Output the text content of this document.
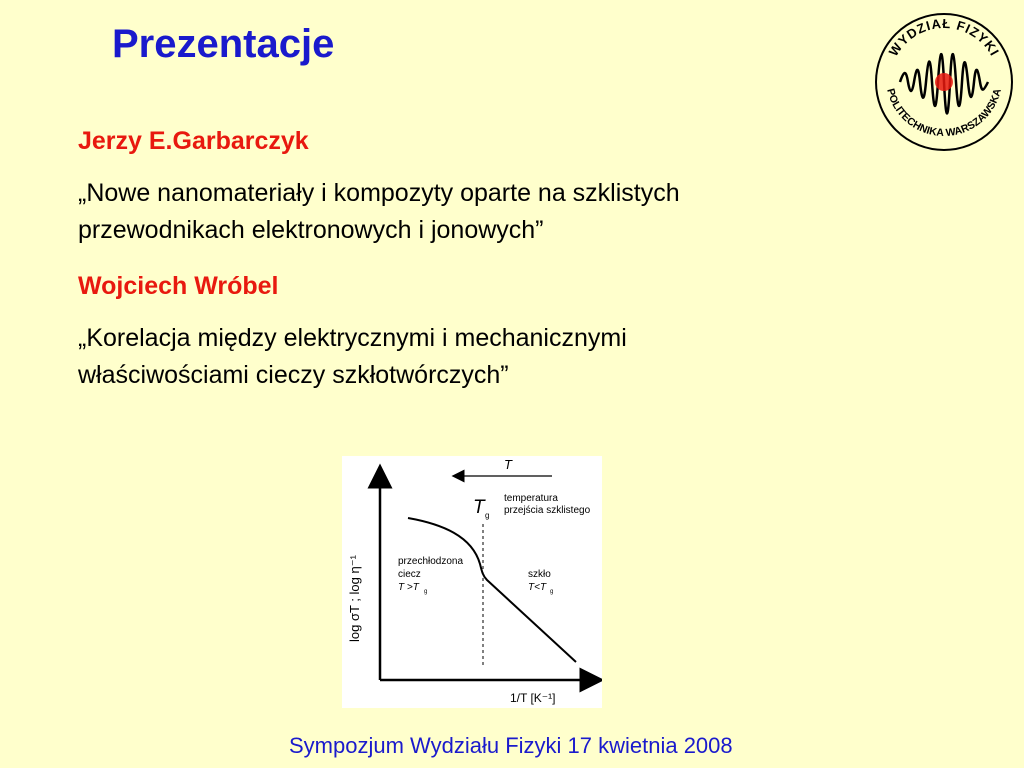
Prezentacje	WYDZIAŁ FIZYKI
POLITECHNIKA WARSZAWSKA

Jerzy E.Garbarczyk

„Nowe nanomateriały i kompozyty oparte na szklistych
przewodnikach elektronowych i jonowych”

Wojciech Wróbel

„Korelacja między elektrycznymi i mechanicznymi
właściwościami cieczy szkłotwórczych”
T
T g
temperatura
przejścia szklistego
przechłodzona
ciecz
T >T g
szkło
T<T g
log σT ; log η⁻¹
1/T [K⁻¹]

Sympozjum Wydziału Fizyki 17 kwietnia 2008
